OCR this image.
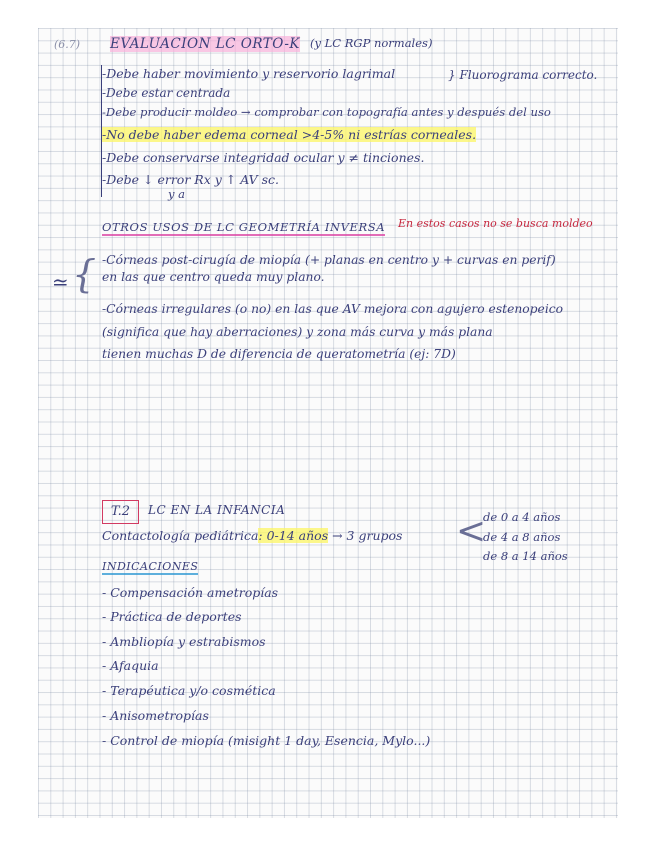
(6.7) EVALUACION LC ORTO-K (y LC RGP normales)
-Debe haber movimiento y reservorio lagrimal	} Fluorograma correcto.
-Debe estar centrada
-Debe producir moldeo → comprobar con topografía antes y después del uso
-No debe haber edema corneal >4-5% ni estrías corneales.
-Debe conservarse integridad ocular y ≠ tinciones.
-Debe ↓ error Rx y ↑ AV sc.
y a
OTROS USOS DE LC GEOMETRÍA INVERSA En estos casos no se busca moldeo
≃ { -Córneas post-cirugía de miopía (+ planas en centro y + curvas en perif)
en las que centro queda muy plano.
-Córneas irregulares (o no) en las que AV mejora con agujero estenopeico
(significa que hay aberraciones) y zona más curva y más plana
tienen muchas D de diferencia de queratometría (ej: 7D)
T.2	LC EN LA INFANCIA
Contactología pediátrica: 0-14 años → 3 grupos <
de 0 a 4 años
de 4 a 8 años
de 8 a 14 años
INDICACIONES
- Compensación ametropías
- Práctica de deportes
- Ambliopía y estrabismos
- Afaquia
- Terapéutica y/o cosmética
- Anisometropías
- Control de miopía (misight 1 day, Esencia, Mylo...)
